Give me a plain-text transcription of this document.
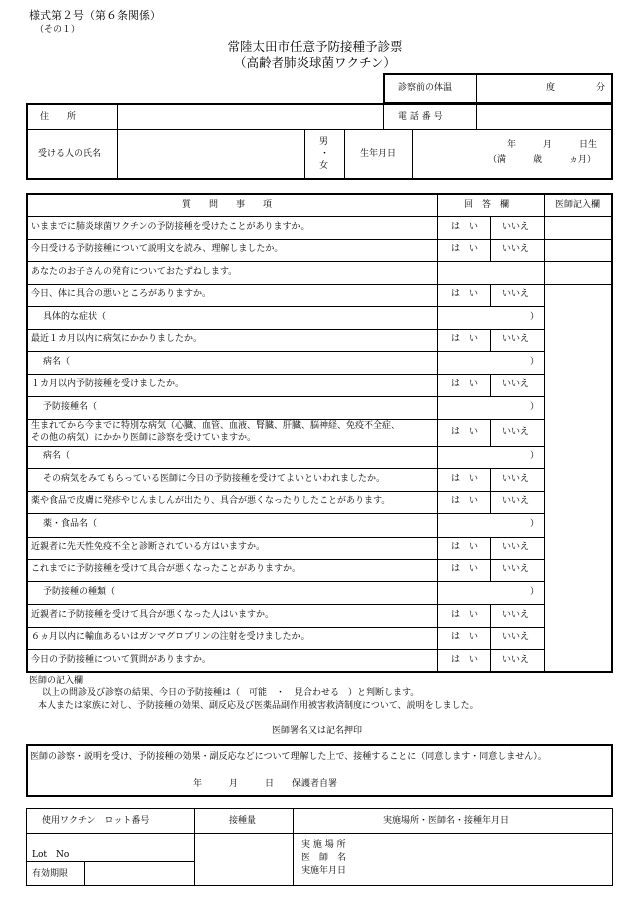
様式第２号（第６条関係）
（その１）
常陸太田市任意予防接種予診票
（高齢者肺炎球菌ワクチン）
診察前の体温	度	分
住　　所	電 話 番 号
受ける人の氏名
男
・
女
生年月日
年　　　月　　　日生
（満　　　歳　　　ヵ月）
質　　問　　事　　項	回　答　欄	医師記入欄
いままでに肺炎球菌ワクチンの予防接種を受けたことがありますか。	は　い	いいえ
今日受ける予防接種について説明文を読み、理解しましたか。	は　い	いいえ
あなたのお子さんの発育についておたずねします。
今日、体に具合の悪いところがありますか。	は　い	いいえ
具体的な症状（	）
最近１カ月以内に病気にかかりましたか。	は　い	いいえ
病名（	）
１カ月以内予防接種を受けましたか。	は　い	いいえ
予防接種名（	）
生まれてから今までに特別な病気（心臓、血管、血液、腎臓、肝臓、脳神経、免疫不全症、
その他の病気）にかかり医師に診察を受けていますか。
は　い	いいえ
病名（	）
その病気をみてもらっている医師に今日の予防接種を受けてよいといわれましたか。	は　い	いいえ
薬や食品で皮膚に発疹やじんましんが出たり、具合が悪くなったりしたことがあります。	は　い	いいえ
薬・食品名（	）
近親者に先天性免疫不全と診断されている方はいますか。	は　い	いいえ
これまでに予防接種を受けて具合が悪くなったことがありますか。	は　い	いいえ
予防接種の種類（	）
近親者に予防接種を受けて具合が悪くなった人はいますか。	は　い	いいえ
６ヵ月以内に輸血あるいはガンマグロブリンの注射を受けましたか。	は　い	いいえ
今日の予防接種について質問がありますか。	は　い	いいえ
医師の記入欄
以上の問診及び診察の結果、今日の予防接種は（　可能　・　見合わせる　）と判断します。
本人または家族に対し、予防接種の効果、副反応及び医薬品副作用被害救済制度について、説明をしました。
医師署名又は記名押印
医師の診察・説明を受け、予防接種の効果・副反応などについて理解した上で、接種することに（同意します・同意しません）。
年　　　月　　　日　　保護者自署
使用ワクチン　ロット番号	接種量	実施場所・医師名・接種年月日
Lot　No
有効期限
実 施 場 所
医　師　名
実施年月日
